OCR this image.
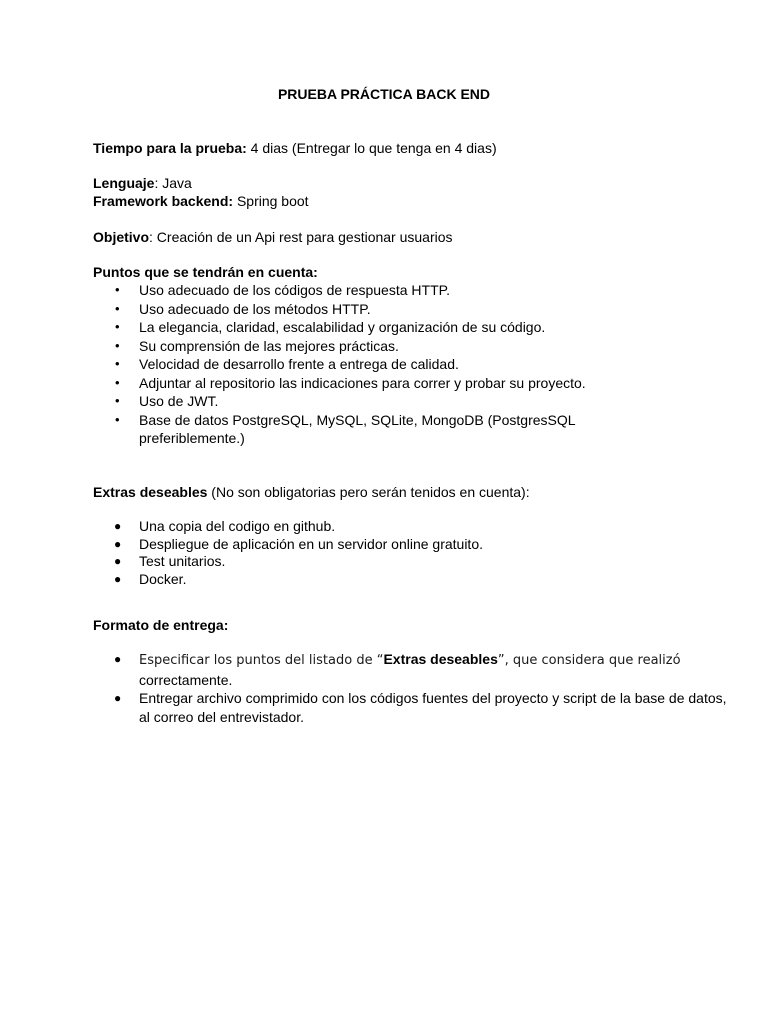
PRUEBA PRÁCTICA BACK END
Tiempo para la prueba: 4 dias (Entregar lo que tenga en 4 dias)
Lenguaje: Java
Framework backend: Spring boot
Objetivo: Creación de un Api rest para gestionar usuarios
Puntos que se tendrán en cuenta:
•	Uso adecuado de los códigos de respuesta HTTP.
•	Uso adecuado de los métodos HTTP.
•	La elegancia, claridad, escalabilidad y organización de su código.
•	Su comprensión de las mejores prácticas.
•	Velocidad de desarrollo frente a entrega de calidad.
•	Adjuntar al repositorio las indicaciones para correr y probar su proyecto.
•	Uso de JWT.
•	Base de datos PostgreSQL, MySQL, SQLite, MongoDB (PostgresSQL preferiblemente.)
Extras deseables (No son obligatorias pero serán tenidos en cuenta):
● Una copia del codigo en github.
● Despliegue de aplicación en un servidor online gratuito.
● Test unitarios.
● Docker.
Formato de entrega:
● Especificar los puntos del listado de “Extras deseables”, que considera que realizó
correctamente.
● Entregar archivo comprimido con los códigos fuentes del proyecto y script de la base de datos, al correo del entrevistador.
